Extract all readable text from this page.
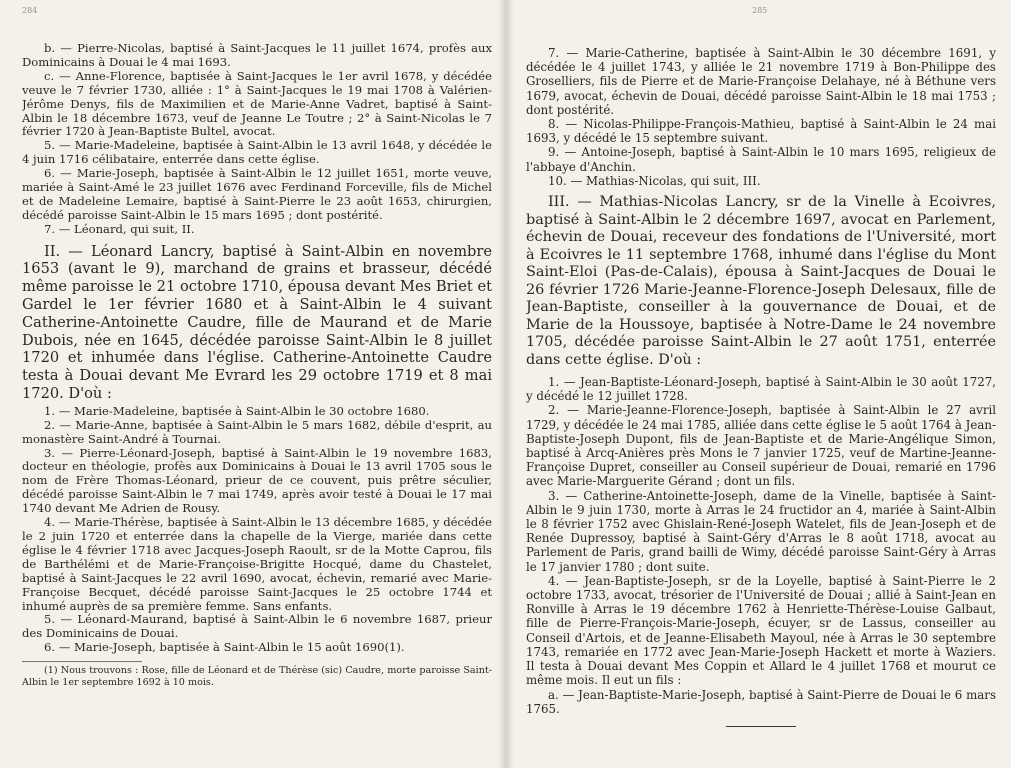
284

b. — Pierre-Nicolas, baptisé à Saint-Jacques le 11 juillet 1674, profès aux Dominicains à Douai le 4 mai 1693.

c. — Anne-Florence, baptisée à Saint-Jacques le 1er avril 1678, y décédée veuve le 7 février 1730, alliée : 1° à Saint-Jacques le 19 mai 1708 à Valérien-Jérôme Denys, fils de Maximilien et de Marie-Anne Vadret, baptisé à Saint-Albin le 18 décembre 1673, veuf de Jeanne Le Toutre ; 2° à Saint-Nicolas le 7 février 1720 à Jean-Baptiste Bultel, avocat.

5. — Marie-Madeleine, baptisée à Saint-Albin le 13 avril 1648, y décédée le 4 juin 1716 célibataire, enterrée dans cette église.

6. — Marie-Joseph, baptisée à Saint-Albin le 12 juillet 1651, morte veuve, mariée à Saint-Amé le 23 juillet 1676 avec Ferdinand Forceville, fils de Michel et de Madeleine Lemaire, baptisé à Saint-Pierre le 23 août 1653, chirurgien, décédé paroisse Saint-Albin le 15 mars 1695 ; dont postérité.

7. — Léonard, qui suit, II.

II. — Léonard Lancry, baptisé à Saint-Albin en novembre 1653 (avant le 9), marchand de grains et brasseur, décédé même paroisse le 21 octobre 1710, épousa devant Mes Briet et Gardel le 1er février 1680 et à Saint-Albin le 4 suivant Catherine-Antoinette Caudre, fille de Maurand et de Marie Dubois, née en 1645, décédée paroisse Saint-Albin le 8 juillet 1720 et inhumée dans l'église. Catherine-Antoinette Caudre testa à Douai devant Me Evrard les 29 octobre 1719 et 8 mai 1720. D'où :

1. — Marie-Madeleine, baptisée à Saint-Albin le 30 octobre 1680.

2. — Marie-Anne, baptisée à Saint-Albin le 5 mars 1682, débile d'esprit, au monastère Saint-André à Tournai.

3. — Pierre-Léonard-Joseph, baptisé à Saint-Albin le 19 novembre 1683, docteur en théologie, profès aux Dominicains à Douai le 13 avril 1705 sous le nom de Frère Thomas-Léonard, prieur de ce couvent, puis prêtre séculier, décédé paroisse Saint-Albin le 7 mai 1749, après avoir testé à Douai le 17 mai 1740 devant Me Adrien de Rousy.

4. — Marie-Thérèse, baptisée à Saint-Albin le 13 décembre 1685, y décédée le 2 juin 1720 et enterrée dans la chapelle de la Vierge, mariée dans cette église le 4 février 1718 avec Jacques-Joseph Raoult, sr de la Motte Caprou, fils de Barthélémi et de Marie-Françoise-Brigitte Hocqué, dame du Chastelet, baptisé à Saint-Jacques le 22 avril 1690, avocat, échevin, remarié avec Marie-Françoise Becquet, décédé paroisse Saint-Jacques le 25 octobre 1744 et inhumé auprès de sa première femme. Sans enfants.

5. — Léonard-Maurand, baptisé à Saint-Albin le 6 novembre 1687, prieur des Dominicains de Douai.

6. — Marie-Joseph, baptisée à Saint-Albin le 15 août 1690(1).

(1) Nous trouvons : Rose, fille de Léonard et de Thérèse (sic) Caudre, morte paroisse Saint-Albin le 1er septembre 1692 à 10 mois.

285

7. — Marie-Catherine, baptisée à Saint-Albin le 30 décembre 1691, y décédée le 4 juillet 1743, y alliée le 21 novembre 1719 à Bon-Philippe des Groselliers, fils de Pierre et de Marie-Françoise Delahaye, né à Béthune vers 1679, avocat, échevin de Douai, décédé paroisse Saint-Albin le 18 mai 1753 ; dont postérité.

8. — Nicolas-Philippe-François-Mathieu, baptisé à Saint-Albin le 24 mai 1693, y décédé le 15 septembre suivant.

9. — Antoine-Joseph, baptisé à Saint-Albin le 10 mars 1695, religieux de l'abbaye d'Anchin.

10. — Mathias-Nicolas, qui suit, III.

III. — Mathias-Nicolas Lancry, sr de la Vinelle à Ecoivres, baptisé à Saint-Albin le 2 décembre 1697, avocat en Parlement, échevin de Douai, receveur des fondations de l'Université, mort à Ecoivres le 11 septembre 1768, inhumé dans l'église du Mont Saint-Eloi (Pas-de-Calais), épousa à Saint-Jacques de Douai le 26 février 1726 Marie-Jeanne-Florence-Joseph Delesaux, fille de Jean-Baptiste, conseiller à la gouvernance de Douai, et de Marie de la Houssoye, baptisée à Notre-Dame le 24 novembre 1705, décédée paroisse Saint-Albin le 27 août 1751, enterrée dans cette église. D'où :

1. — Jean-Baptiste-Léonard-Joseph, baptisé à Saint-Albin le 30 août 1727, y décédé le 12 juillet 1728.

2. — Marie-Jeanne-Florence-Joseph, baptisée à Saint-Albin le 27 avril 1729, y décédée le 24 mai 1785, alliée dans cette église le 5 août 1764 à Jean-Baptiste-Joseph Dupont, fils de Jean-Baptiste et de Marie-Angélique Simon, baptisé à Arcq-Anières près Mons le 7 janvier 1725, veuf de Martine-Jeanne-Françoise Dupret, conseiller au Conseil supérieur de Douai, remarié en 1796 avec Marie-Marguerite Gérand ; dont un fils.

3. — Catherine-Antoinette-Joseph, dame de la Vinelle, baptisée à Saint-Albin le 9 juin 1730, morte à Arras le 24 fructidor an 4, mariée à Saint-Albin le 8 février 1752 avec Ghislain-René-Joseph Watelet, fils de Jean-Joseph et de Renée Dupressoy, baptisé à Saint-Géry d'Arras le 8 août 1718, avocat au Parlement de Paris, grand bailli de Wimy, décédé paroisse Saint-Géry à Arras le 17 janvier 1780 ; dont suite.

4. — Jean-Baptiste-Joseph, sr de la Loyelle, baptisé à Saint-Pierre le 2 octobre 1733, avocat, trésorier de l'Université de Douai ; allié à Saint-Jean en Ronville à Arras le 19 décembre 1762 à Henriette-Thérèse-Louise Galbaut, fille de Pierre-François-Marie-Joseph, écuyer, sr de Lassus, conseiller au Conseil d'Artois, et de Jeanne-Elisabeth Mayoul, née à Arras le 30 septembre 1743, remariée en 1772 avec Jean-Marie-Joseph Hackett et morte à Waziers. Il testa à Douai devant Mes Coppin et Allard le 4 juillet 1768 et mourut ce même mois. Il eut un fils :

a. — Jean-Baptiste-Marie-Joseph, baptisé à Saint-Pierre de Douai le 6 mars 1765.
